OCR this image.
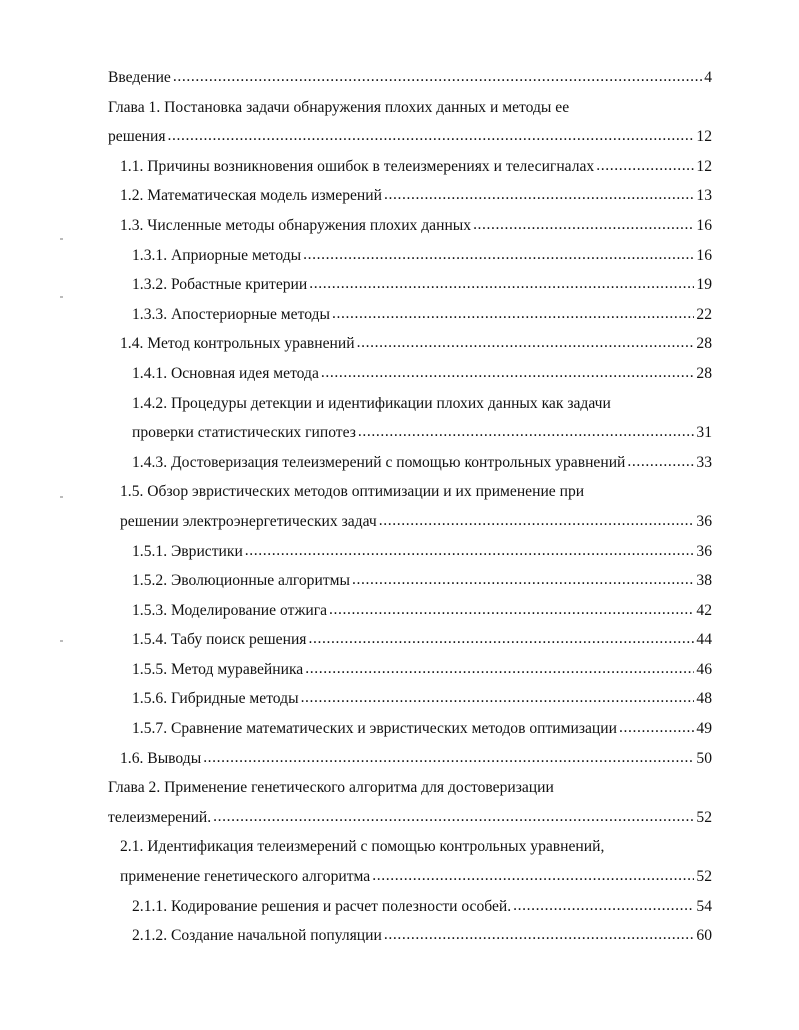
Введение .....	4
Глава 1. Постановка задачи обнаружения плохих данных и методы ее
решения .....	12
1.1. Причины возникновения ошибок в телеизмерениях и телесигналах .....	12
1.2. Математическая модель измерений .....	13
1.3. Численные методы обнаружения плохих данных .....	16
1.3.1. Априорные методы .....	16
1.3.2. Робастные критерии .....	19
1.3.3. Апостериорные методы .....	22
1.4. Метод контрольных уравнений .....	28
1.4.1. Основная идея метода .....	28
1.4.2. Процедуры детекции и идентификации плохих данных как задачи
проверки статистических гипотез .....	31
1.4.3. Достоверизация телеизмерений с помощью контрольных уравнений .....	33
1.5. Обзор эвристических методов оптимизации и их применение при
решении электроэнергетических задач .....	36
1.5.1. Эвристики .....	36
1.5.2. Эволюционные алгоритмы .....	38
1.5.3. Моделирование отжига .....	42
1.5.4. Табу поиск решения .....	44
1.5.5. Метод муравейника .....	46
1.5.6. Гибридные методы .....	48
1.5.7. Сравнение математических и эвристических методов оптимизации .....	49
1.6. Выводы .....	50
Глава 2. Применение генетического алгоритма для достоверизации
телеизмерений. .....	52
2.1. Идентификация телеизмерений с помощью контрольных уравнений,
применение генетического алгоритма .....	52
2.1.1. Кодирование решения и расчет полезности особей. .....	54
2.1.2. Создание начальной популяции .....	60
